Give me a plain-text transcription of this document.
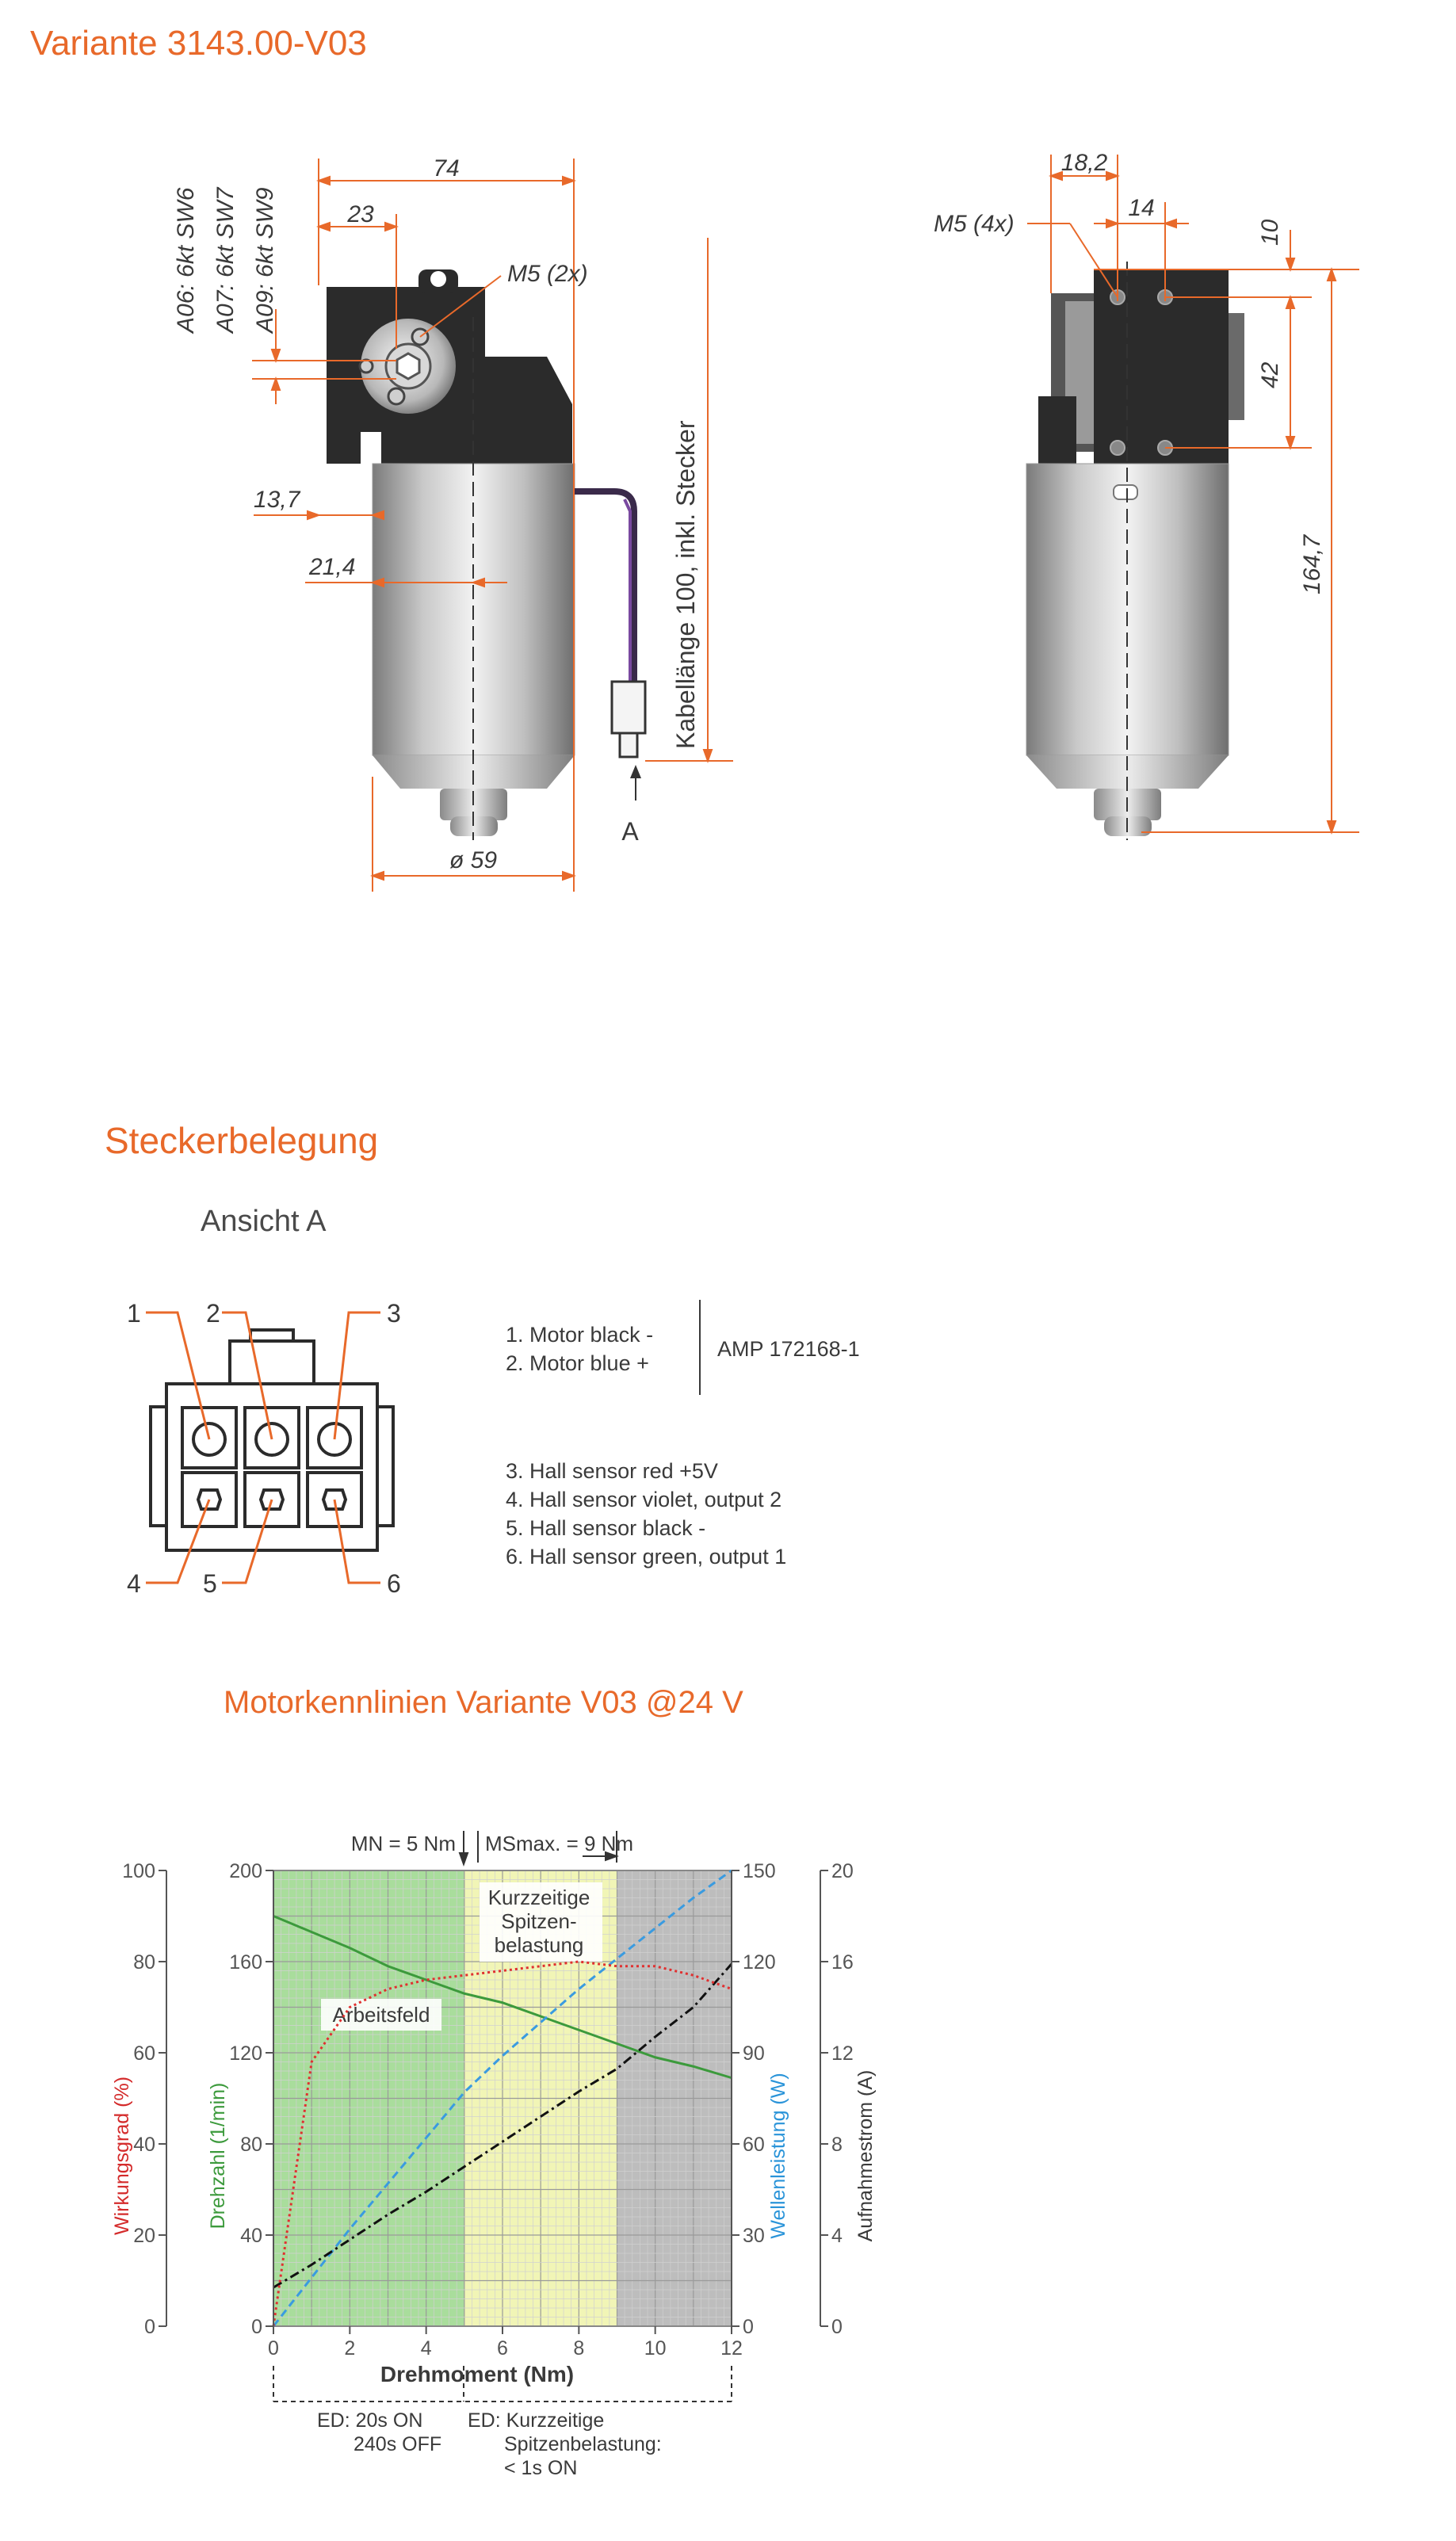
Variante 3143.00-V03
74
23
13,7
21,4
ø 59
M5 (2x)
A
A06: 6kt SW6 A07: 6kt SW7 A09: 6kt SW9
Kabellänge 100, inkl. Stecker
18,2
14
M5 (4x)	10
42
164,7
Steckerbelegung
Ansicht A
1	2	3
4 5	6
1. Motor black -
2. Motor blue +
AMP 172168-1
3. Hall sensor red +5V
4. Hall sensor violet, output 2
5. Hall sensor black -
6. Hall sensor green, output 1
Motorkennlinien Variante V03 @24 V
MN = 5 Nm MSmax. = 9 Nm
Arbeitsfeld
Kurzzeitige
Spitzen-
belastung
0
20
40
60
80
100
0
40
80
120
160
200
0
30
60
90
120
150
0
4
8
12
16
20
0	2	4	6	8	10	12
Drehmoment (Nm)
Wirkungsgrad (%)	Drehzahl (1/min)	Wellenleistung (W)	Aufnahmestrom (A)
ED: 20s ON
240s OFF
ED: Kurzzeitige
Spitzenbelastung:
< 1s ON
